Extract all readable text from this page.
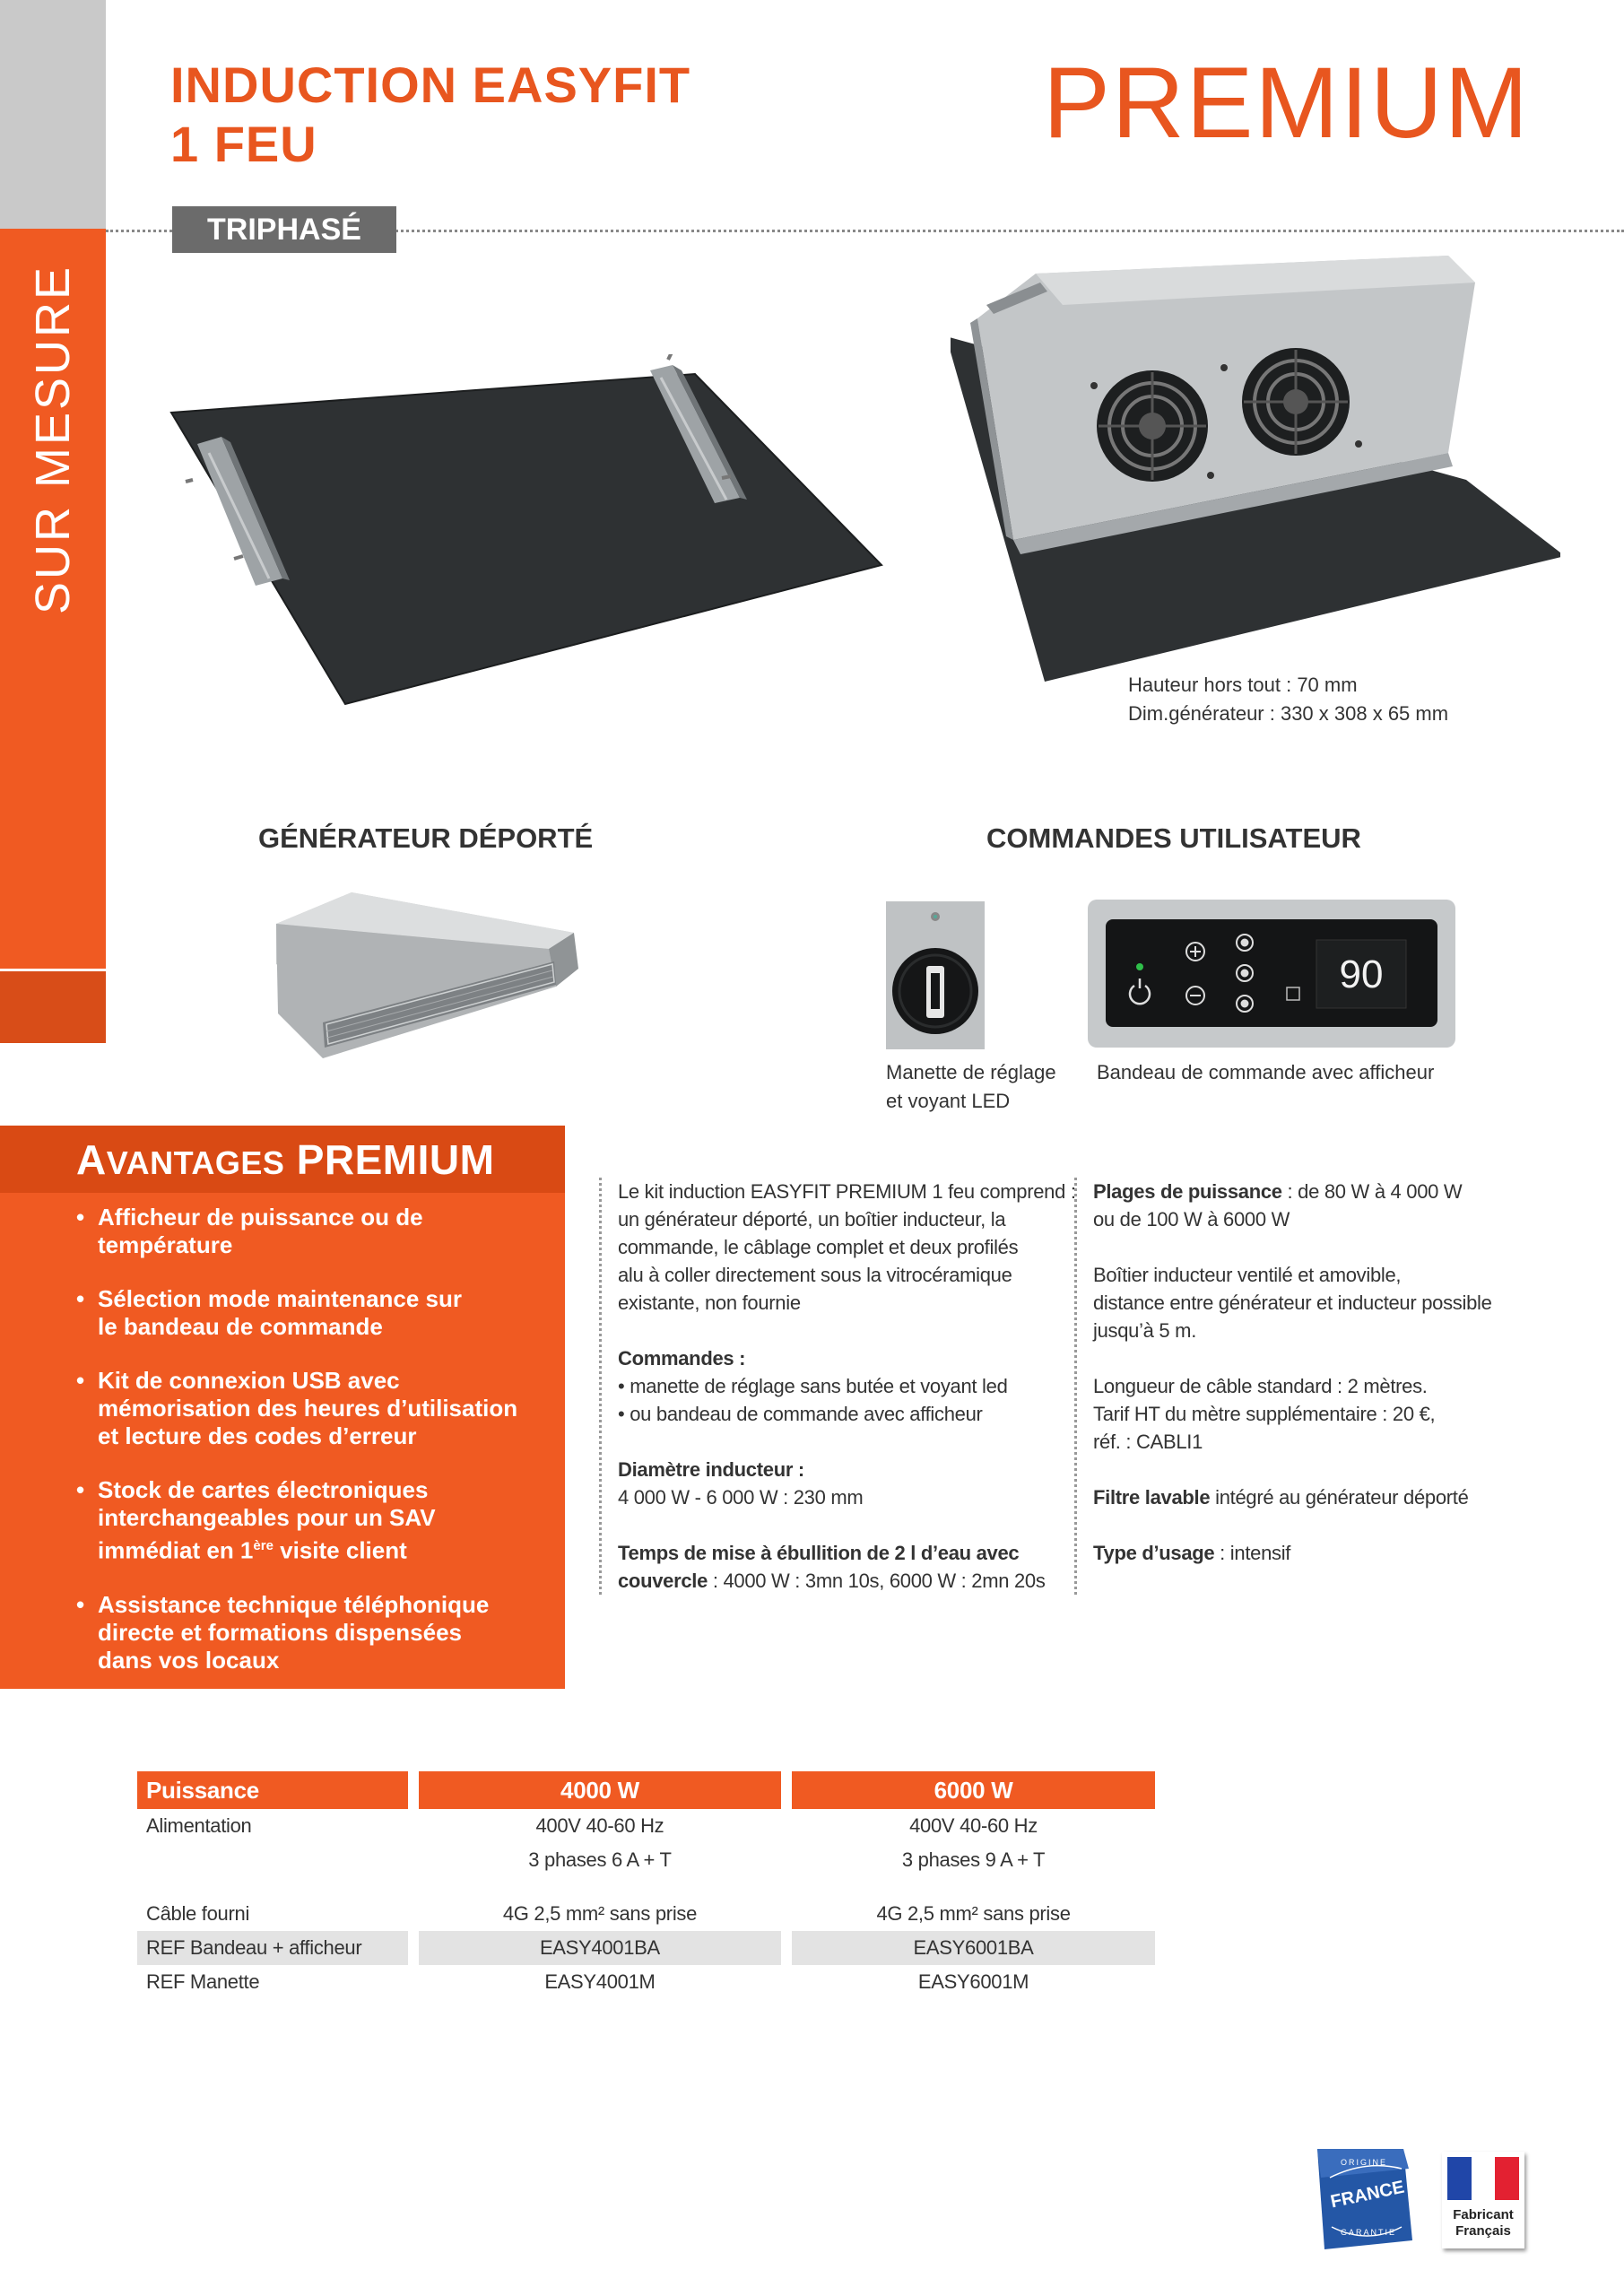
SUR MESURE
INDUCTION EASYFIT
1 FEU	PREMIUM
TRIPHASÉ
Hauteur hors tout : 70 mm
Dim.générateur : 330 x 308 x 65 mm
GÉNÉRATEUR DÉPORTÉ	COMMANDES UTILISATEUR
Manette de réglage
et voyant LED
90
Bandeau de commande avec afficheur
AVANTAGES PREMIUM
• Afficheur de puissance ou de
température
• Sélection mode maintenance sur
le bandeau de commande
• Kit de connexion USB avec
mémorisation des heures d’utilisation
et lecture des codes d’erreur
• Stock de cartes électroniques
interchangeables pour un SAV
immédiat en 1ère visite client
• Assistance technique téléphonique
directe et formations dispensées
dans vos locaux

Le kit induction EASYFIT PREMIUM 1 feu comprend :
un générateur déporté, un boîtier inducteur, la
commande, le câblage complet et deux profilés
alu à coller directement sous la vitrocéramique
existante, non fournie

Commandes :
• manette de réglage sans butée et voyant led
• ou bandeau de commande avec afficheur

Diamètre inducteur :
4 000 W - 6 000 W : 230 mm

Temps de mise à ébullition de 2 l d’eau avec
couvercle : 4000 W : 3mn 10s, 6000 W : 2mn 20s

Plages de puissance : de 80 W à 4 000 W
ou de 100 W à 6000 W

Boîtier inducteur ventilé et amovible,
distance entre générateur et inducteur possible
jusqu’à 5 m.

Longueur de câble standard : 2 mètres.
Tarif HT du mètre supplémentaire : 20 €,
réf. : CABLI1

Filtre lavable intégré au générateur déporté

Type d’usage : intensif

Puissance		4000 W		6000 W
Alimentation		400V 40-60 Hz		400V 40-60 Hz
		3 phases 6 A + T		3 phases 9 A + T

Câble fourni		4G 2,5 mm² sans prise		4G 2,5 mm² sans prise
REF Bandeau + afficheur		EASY4001BA		EASY6001BA
REF Manette		EASY4001M		EASY6001M
ORIGINE
FRANCE
GARANTIE
Fabricant
Français
